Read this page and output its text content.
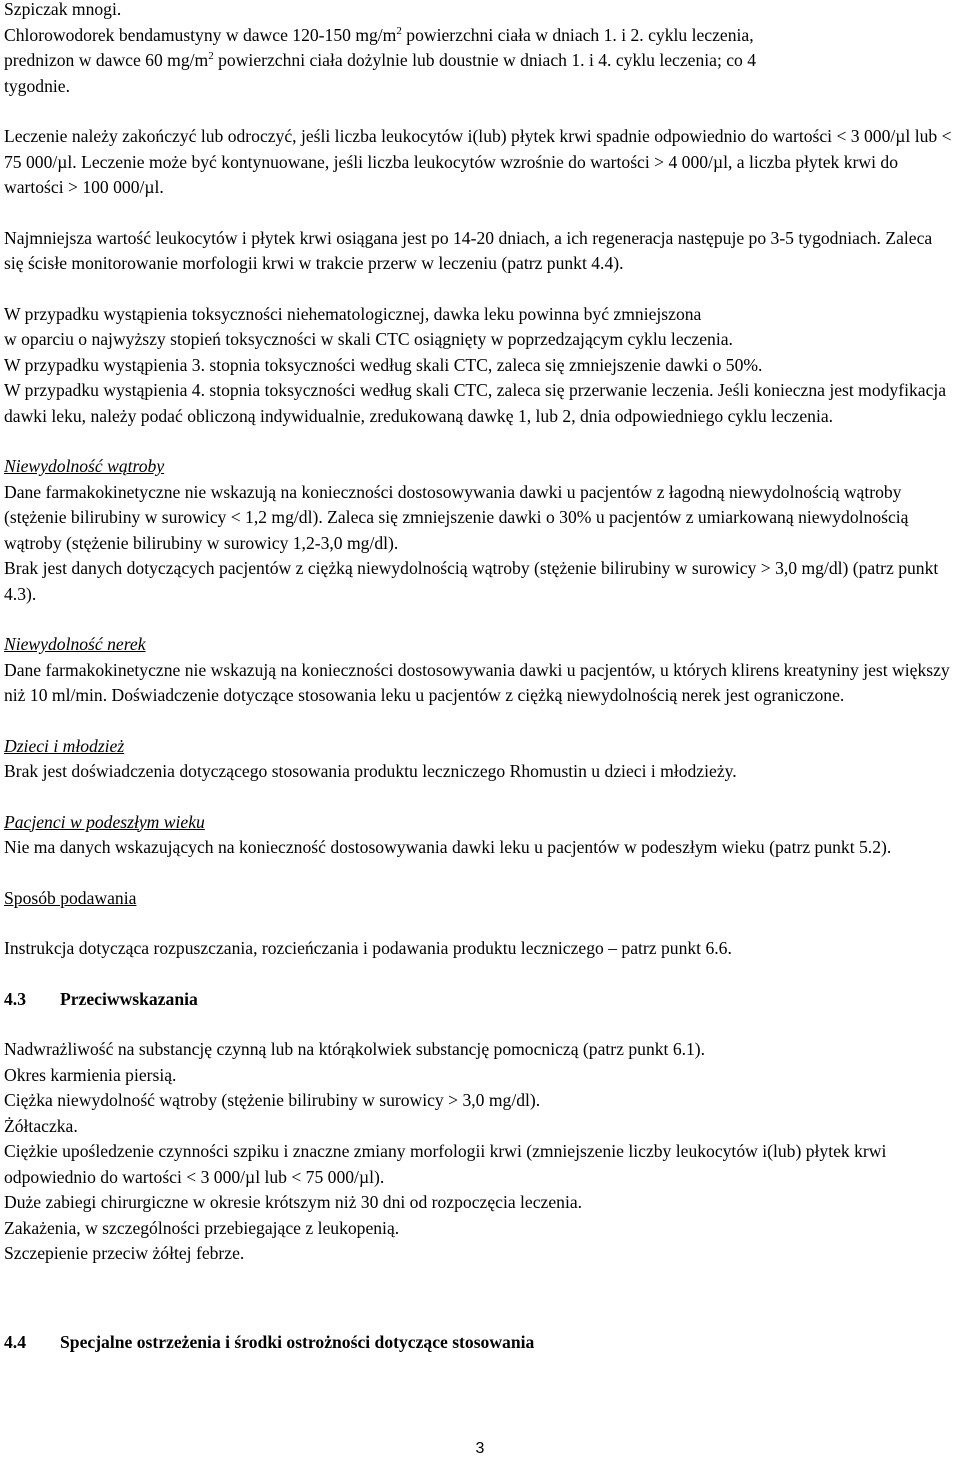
Szpiczak mnogi.

Chlorowodorek bendamustyny w dawce 120-150 $mg/m^2$ powierzchni ciała w dniach 1. i 2. cyklu leczenia,

prednizon w dawce 60 $mg/m^2$ powierzchni ciała dożylnie lub doustnie w dniach 1. i 4. cyklu leczenia; co 4

tygodnie.

Leczenie należy zakończyć lub odroczyć, jeśli liczba leukocytów i(lub) płytek krwi spadnie odpowiednio do wartości < 3 000/µl lub < 75 000/µl. Leczenie może być kontynuowane, jeśli liczba leukocytów wzrośnie do wartości > 4 000/µl, a liczba płytek krwi do wartości > 100 000/µl.

Najmniejsza wartość leukocytów i płytek krwi osiągana jest po 14-20 dniach, a ich regeneracja następuje po 3-5 tygodniach. Zaleca się ścisłe monitorowanie morfologii krwi w trakcie przerw w leczeniu (patrz punkt 4.4).

W przypadku wystąpienia toksyczności niehematologicznej, dawka leku powinna być zmniejszona

w oparciu o najwyższy stopień toksyczności w skali CTC osiągnięty w poprzedzającym cyklu leczenia.

W przypadku wystąpienia 3. stopnia toksyczności według skali CTC, zaleca się zmniejszenie dawki o 50%.

W przypadku wystąpienia 4. stopnia toksyczności według skali CTC, zaleca się przerwanie leczenia. Jeśli konieczna jest modyfikacja dawki leku, należy podać obliczoną indywidualnie, zredukowaną dawkę 1, lub 2, dnia odpowiedniego cyklu leczenia.

Niewydolność wątroby

Dane farmakokinetyczne nie wskazują na konieczności dostosowywania dawki u pacjentów z łagodną niewydolnością wątroby (stężenie bilirubiny w surowicy < 1,2 mg/dl). Zaleca się zmniejszenie dawki o 30% u pacjentów z umiarkowaną niewydolnością wątroby (stężenie bilirubiny w surowicy 1,2-3,0 mg/dl).

Brak jest danych dotyczących pacjentów z ciężką niewydolnością wątroby (stężenie bilirubiny w surowicy > 3,0 mg/dl) (patrz punkt 4.3).

Niewydolność nerek

Dane farmakokinetyczne nie wskazują na konieczności dostosowywania dawki u pacjentów, u których klirens kreatyniny jest większy niż 10 ml/min. Doświadczenie dotyczące stosowania leku u pacjentów z ciężką niewydolnością nerek jest ograniczone.

Dzieci i młodzież

Brak jest doświadczenia dotyczącego stosowania produktu leczniczego Rhomustin u dzieci i młodzieży.

Pacjenci w podeszłym wieku

Nie ma danych wskazujących na konieczność dostosowywania dawki leku u pacjentów w podeszłym wieku (patrz punkt 5.2).

Sposób podawania

Instrukcja dotycząca rozpuszczania, rozcieńczania i podawania produktu leczniczego – patrz punkt 6.6.

4.3	Przeciwwskazania

Nadwrażliwość na substancję czynną lub na którąkolwiek substancję pomocniczą (patrz punkt 6.1).

Okres karmienia piersią.

Ciężka niewydolność wątroby (stężenie bilirubiny w surowicy > 3,0 mg/dl).

Żółtaczka.

Ciężkie upośledzenie czynności szpiku i znaczne zmiany morfologii krwi (zmniejszenie liczby leukocytów i(lub) płytek krwi odpowiednio do wartości < 3 000/µl lub < 75 000/µl).

Duże zabiegi chirurgiczne w okresie krótszym niż 30 dni od rozpoczęcia leczenia.

Zakażenia, w szczególności przebiegające z leukopenią.

Szczepienie przeciw żółtej febrze.

4.4	Specjalne ostrzeżenia i środki ostrożności dotyczące stosowania

3
